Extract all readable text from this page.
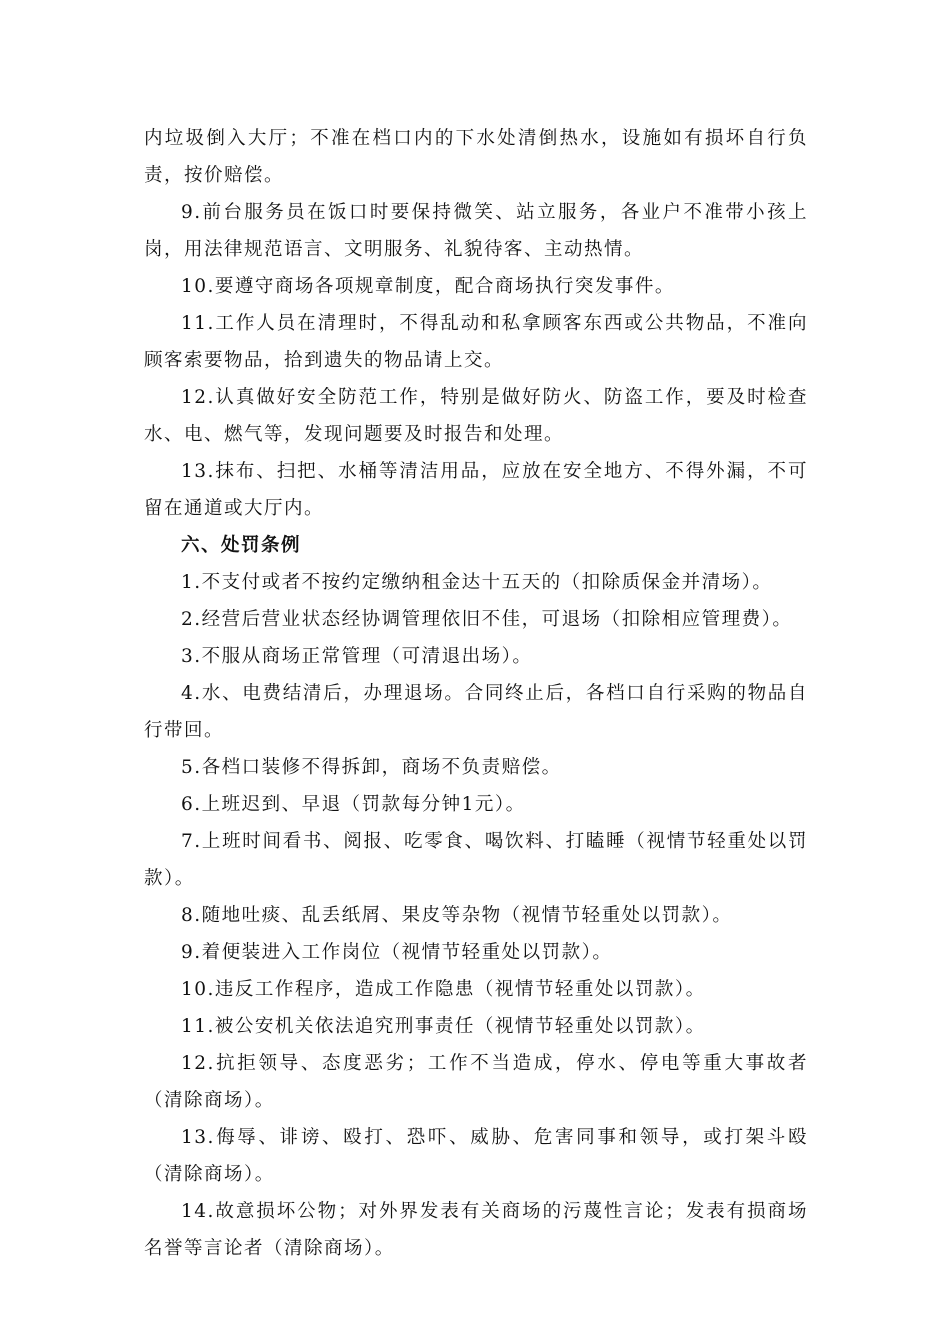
内垃圾倒入大厅；不准在档口内的下水处清倒热水，设施如有损坏自行负责，按价赔偿。

9.前台服务员在饭口时要保持微笑、站立服务，各业户不准带小孩上岗，用法律规范语言、文明服务、礼貌待客、主动热情。

10.要遵守商场各项规章制度，配合商场执行突发事件。

11.工作人员在清理时，不得乱动和私拿顾客东西或公共物品，不准向顾客索要物品，拾到遗失的物品请上交。

12.认真做好安全防范工作，特别是做好防火、防盗工作，要及时检查水、电、燃气等，发现问题要及时报告和处理。

13.抹布、扫把、水桶等清洁用品，应放在安全地方、不得外漏，不可留在通道或大厅内。

六、处罚条例

1.不支付或者不按约定缴纳租金达十五天的（扣除质保金并清场）。

2.经营后营业状态经协调管理依旧不佳，可退场（扣除相应管理费）。

3.不服从商场正常管理（可清退出场）。

4.水、电费结清后，办理退场。合同终止后，各档口自行采购的物品自行带回。

5.各档口装修不得拆卸，商场不负责赔偿。

6.上班迟到、早退（罚款每分钟1元）。

7.上班时间看书、阅报、吃零食、喝饮料、打瞌睡（视情节轻重处以罚款）。

8.随地吐痰、乱丢纸屑、果皮等杂物（视情节轻重处以罚款）。

9.着便装进入工作岗位（视情节轻重处以罚款）。

10.违反工作程序，造成工作隐患（视情节轻重处以罚款）。

11.被公安机关依法追究刑事责任（视情节轻重处以罚款）。

12.抗拒领导、态度恶劣；工作不当造成，停水、停电等重大事故者（清除商场）。

13.侮辱、诽谤、殴打、恐吓、威胁、危害同事和领导，或打架斗殴（清除商场）。

14.故意损坏公物；对外界发表有关商场的污蔑性言论；发表有损商场名誉等言论者（清除商场）。
